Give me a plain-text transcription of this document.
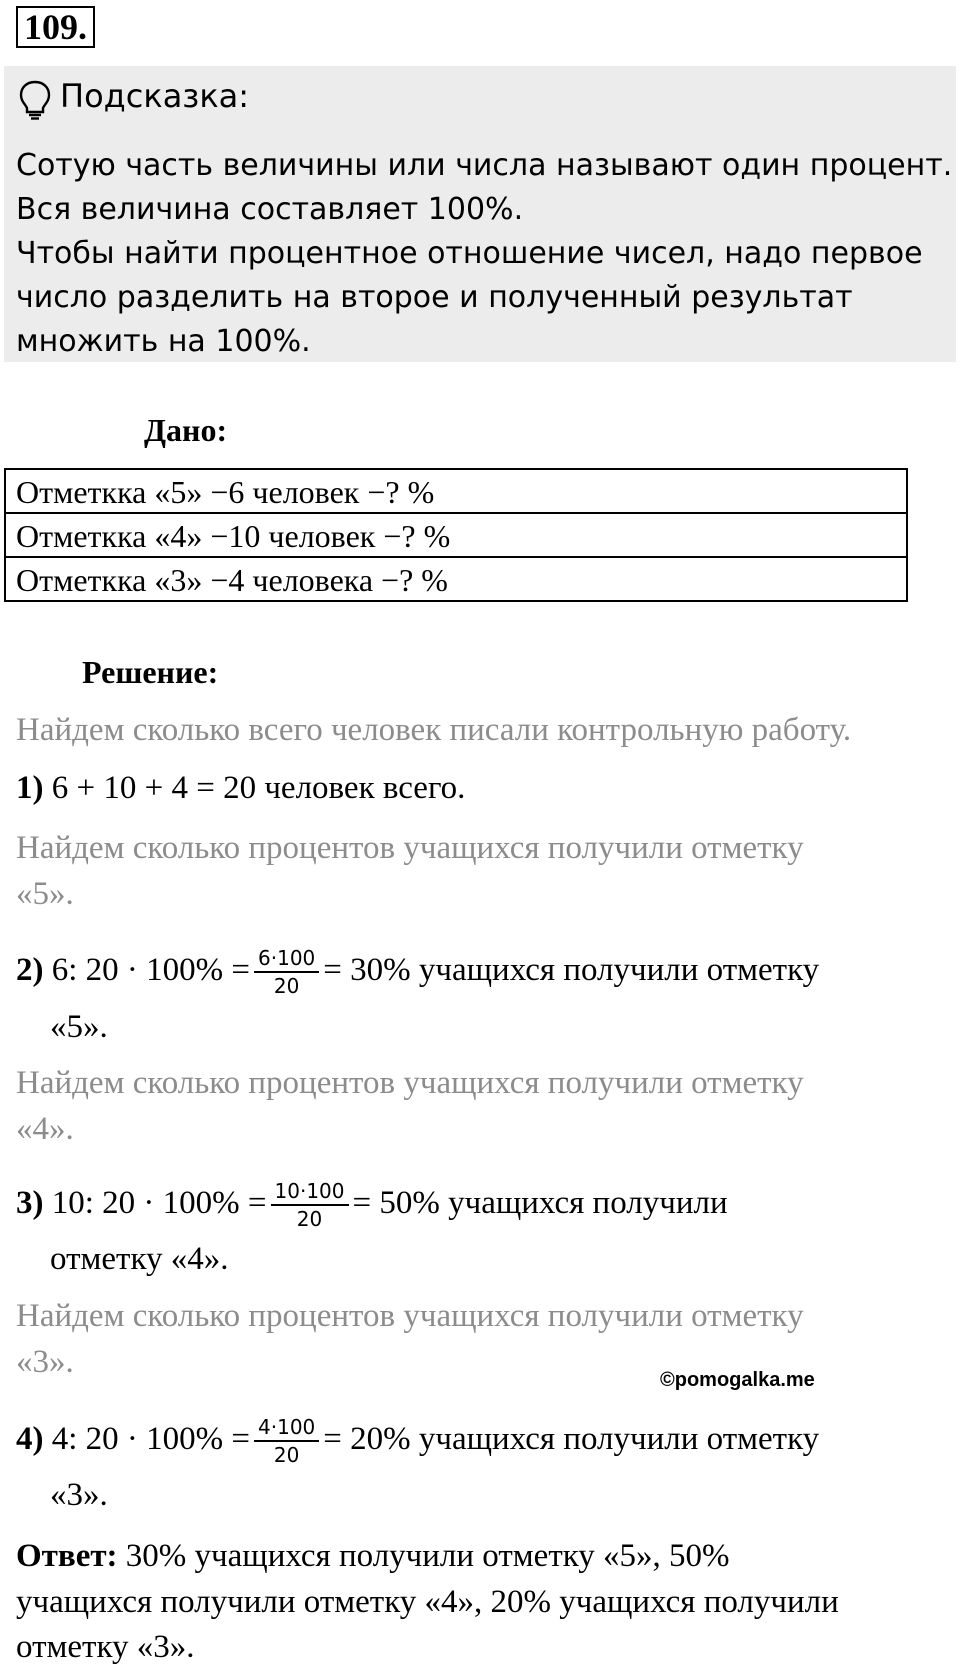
109.
Подсказка:
Сотую часть величины или числа называют один процент.
Вся величина составляет 100%.
Чтобы найти процентное отношение чисел, надо первое
число разделить на второе и полученный результат
множить на 100%.
Дано:
Отметкка «5» −6 человек −? %
Отметкка «4» −10 человек −? %
Отметкка «3» −4 человека −? %
Решение:
Найдем сколько всего человек писали контрольную работу.
1) 6 + 10 + 4 = 20 человек всего.
Найдем сколько процентов учащихся получили отметку
«5».
2) 6: $20 \cdot 100\% = \frac{6\cdot 100}{20} = 30\%$ учащихся получили отметку
«5».
Найдем сколько процентов учащихся получили отметку
«4».
3) 10: $20 \cdot 100\% = \frac{10\cdot 100}{20} = 50\%$ учащихся получили
отметку «4».
Найдем сколько процентов учащихся получили отметку
«3».	©pomogalka.me
4) 4: $20 \cdot 100\% = \frac{4\cdot 100}{20} = 20\%$ учащихся получили отметку
«3».
Ответ: 30% учащихся получили отметку «5», 50%
учащихся получили отметку «4», 20% учащихся получили
отметку «3».
